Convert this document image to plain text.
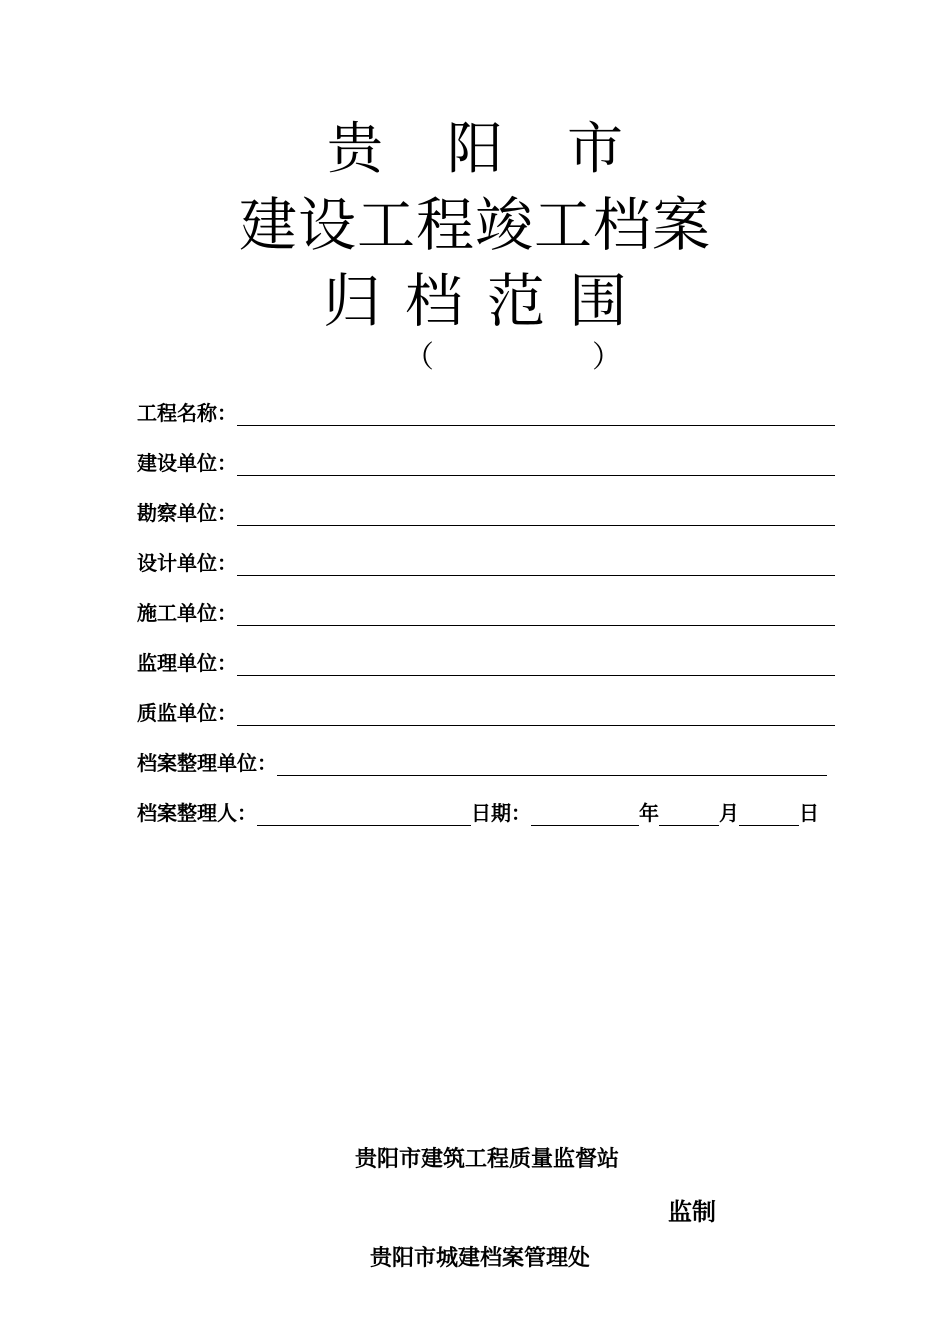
贵 阳 市
建设工程竣工档案
归 档 范 围
（	）
工程名称：
建设单位：
勘察单位：
设计单位：
施工单位：
监理单位：
质监单位：
档案整理单位：
档案整理人：	日期：	年	月	日
贵阳市建筑工程质量监督站
监制
贵阳市城建档案管理处
